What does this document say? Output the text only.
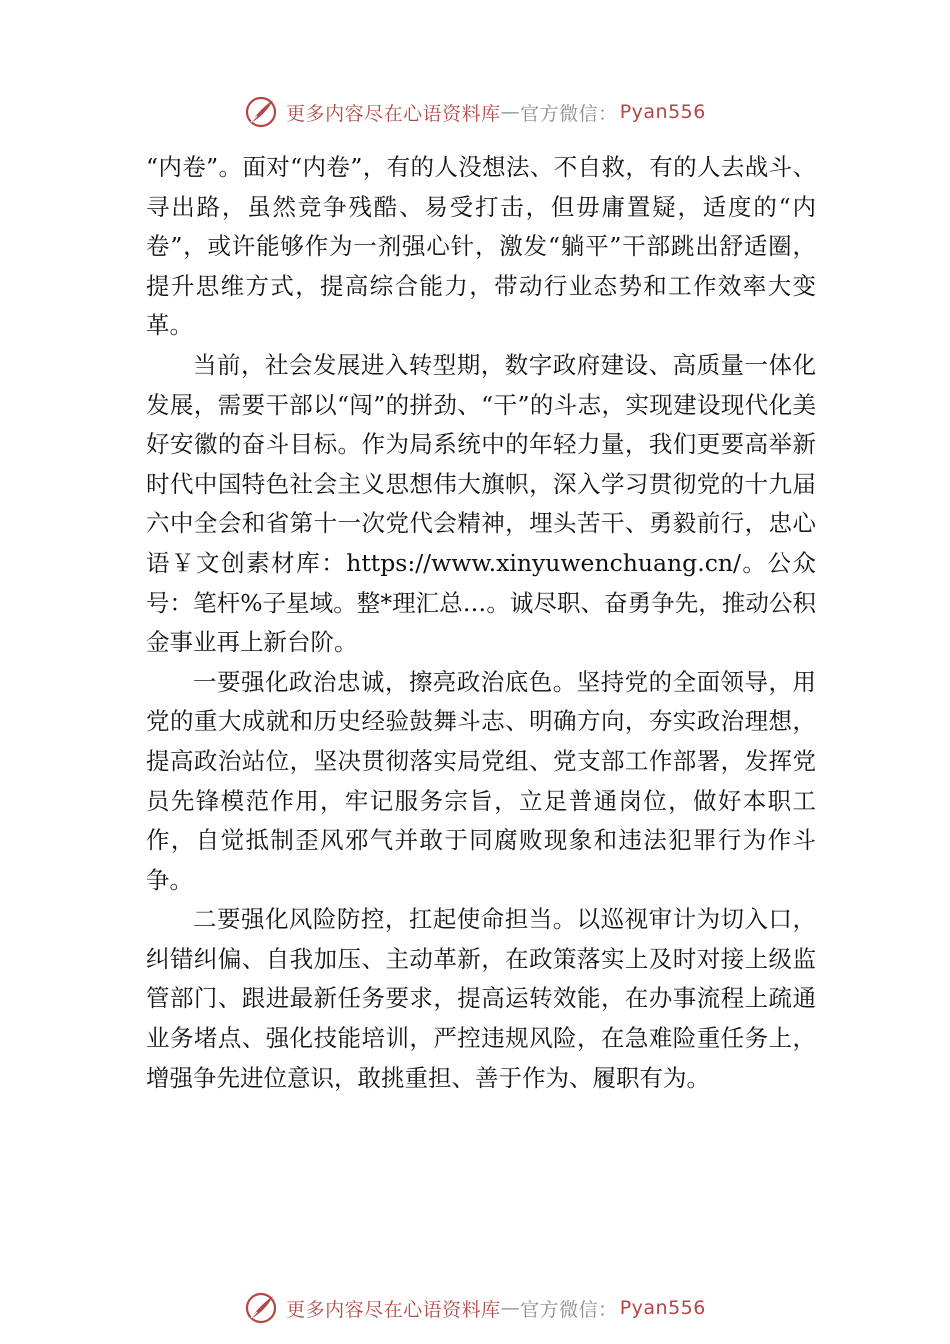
更多内容尽在心语资料库 — 官方微信： Pyan556

“内卷”。面对“内卷”，有的人没想法、不自救，有的人去战斗、寻出路，虽然竞争残酷、易受打击，但毋庸置疑，适度的“内卷”，或许能够作为一剂强心针，激发“躺平”干部跳出舒适圈，提升思维方式，提高综合能力，带动行业态势和工作效率大变革。

当前，社会发展进入转型期，数字政府建设、高质量一体化发展，需要干部以“闯”的拼劲、“干”的斗志，实现建设现代化美好安徽的奋斗目标。作为局系统中的年轻力量，我们更要高举新时代中国特色社会主义思想伟大旗帜，深入学习贯彻党的十九届六中全会和省第十一次党代会精神，埋头苦干、勇毅前行，忠心语￥文创素材库：https://www.xinyuwenchuang.cn/。公众号：笔杆%子星域。整*理汇总…。诚尽职、奋勇争先，推动公积金事业再上新台阶。

一要强化政治忠诚，擦亮政治底色。坚持党的全面领导，用党的重大成就和历史经验鼓舞斗志、明确方向，夯实政治理想，提高政治站位，坚决贯彻落实局党组、党支部工作部署，发挥党员先锋模范作用，牢记服务宗旨，立足普通岗位，做好本职工作，自觉抵制歪风邪气并敢于同腐败现象和违法犯罪行为作斗争。

二要强化风险防控，扛起使命担当。以巡视审计为切入口，纠错纠偏、自我加压、主动革新，在政策落实上及时对接上级监管部门、跟进最新任务要求，提高运转效能，在办事流程上疏通业务堵点、强化技能培训，严控违规风险，在急难险重任务上，增强争先进位意识，敢挑重担、善于作为、履职有为。

更多内容尽在心语资料库 — 官方微信： Pyan556
